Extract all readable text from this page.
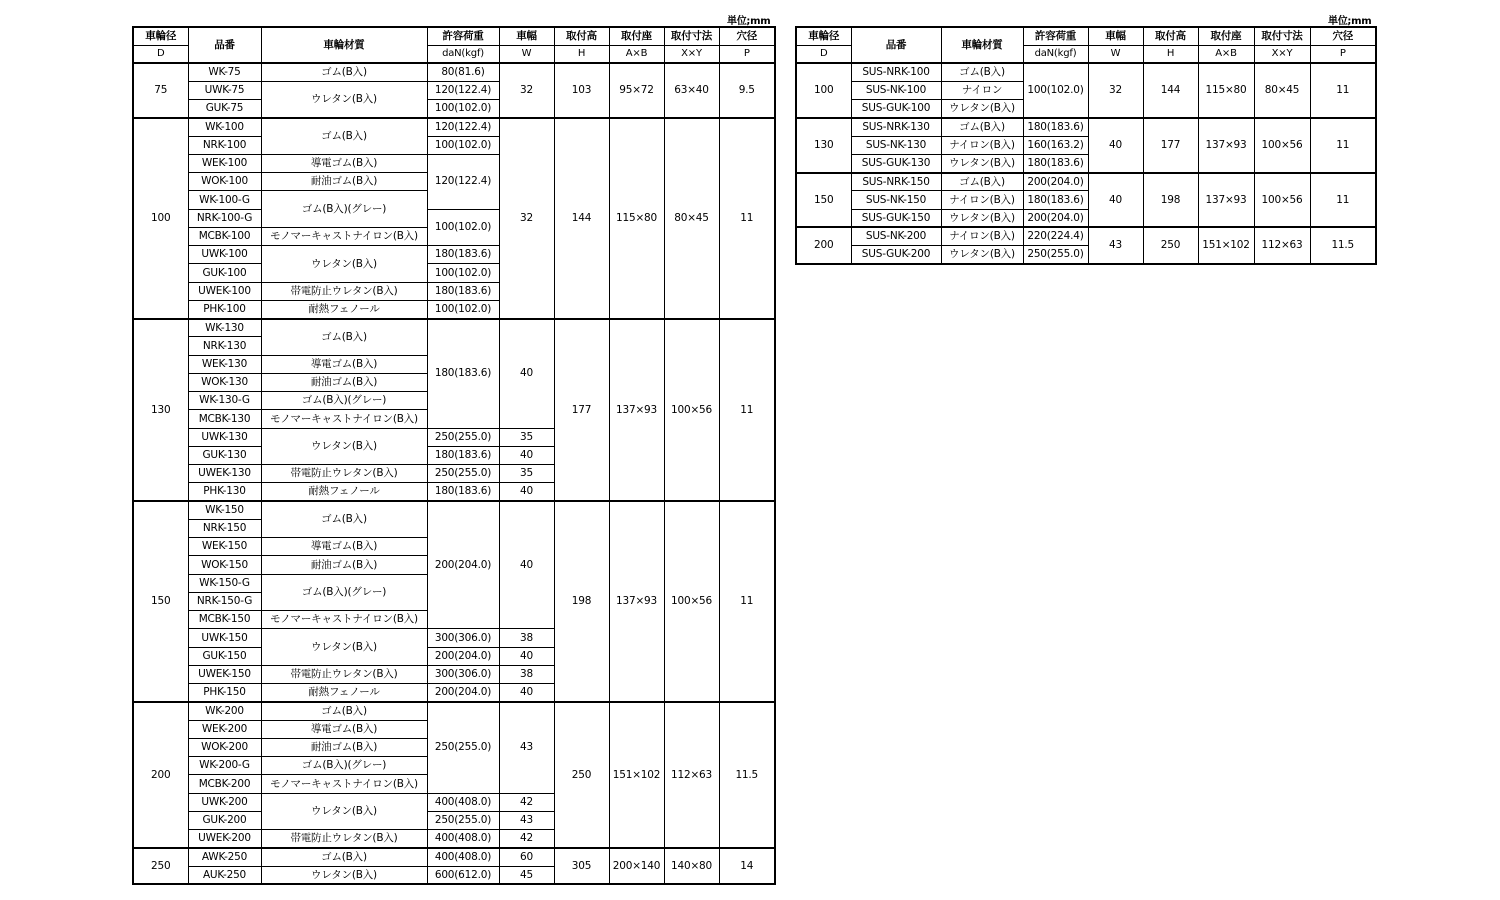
単位;mm
車輪径	品番	車輪材質	許容荷重	車幅	取付高	取付座	取付寸法	穴径
D			daN(kgf)	W	H	A×B	X×Y	P
75	WK-75	ゴム(B入)	80(81.6)	32	103	95×72	63×40	9.5
	UWK-75	ウレタン(B入)	120(122.4)					
	GUK-75		100(102.0)					
100	WK-100	ゴム(B入)	120(122.4)	32	144	115×80	80×45	11
	NRK-100		100(102.0)					
	WEK-100	導電ゴム(B入)	120(122.4)					
	WOK-100	耐油ゴム(B入)						
	WK-100-G	ゴム(B入)(グレー)						
	NRK-100-G		100(102.0)					
	MCBK-100	モノマーキャストナイロン(B入)						
	UWK-100	ウレタン(B入)	180(183.6)					
	GUK-100		100(102.0)					
	UWEK-100	帯電防止ウレタン(B入)	180(183.6)					
	PHK-100	耐熱フェノール	100(102.0)					
130	WK-130	ゴム(B入)	180(183.6)	40	177	137×93	100×56	11
	NRK-130							
	WEK-130	導電ゴム(B入)						
	WOK-130	耐油ゴム(B入)						
	WK-130-G	ゴム(B入)(グレー)						
	MCBK-130	モノマーキャストナイロン(B入)						
	UWK-130	ウレタン(B入)	250(255.0)	35				
	GUK-130		180(183.6)	40				
	UWEK-130	帯電防止ウレタン(B入)	250(255.0)	35				
	PHK-130	耐熱フェノール	180(183.6)	40				
150	WK-150	ゴム(B入)	200(204.0)	40	198	137×93	100×56	11
	NRK-150							
	WEK-150	導電ゴム(B入)						
	WOK-150	耐油ゴム(B入)						
	WK-150-G	ゴム(B入)(グレー)						
	NRK-150-G							
	MCBK-150	モノマーキャストナイロン(B入)						
	UWK-150	ウレタン(B入)	300(306.0)	38				
	GUK-150		200(204.0)	40				
	UWEK-150	帯電防止ウレタン(B入)	300(306.0)	38				
	PHK-150	耐熱フェノール	200(204.0)	40				
200	WK-200	ゴム(B入)	250(255.0)	43	250	151×102	112×63	11.5
	WEK-200	導電ゴム(B入)						
	WOK-200	耐油ゴム(B入)						
	WK-200-G	ゴム(B入)(グレー)						
	MCBK-200	モノマーキャストナイロン(B入)						
	UWK-200	ウレタン(B入)	400(408.0)	42				
	GUK-200		250(255.0)	43				
	UWEK-200	帯電防止ウレタン(B入)	400(408.0)	42				
250	AWK-250	ゴム(B入)	400(408.0)	60	305	200×140	140×80	14
	AUK-250	ウレタン(B入)	600(612.0)	45				
単位;mm
車輪径	品番	車輪材質	許容荷重	車幅	取付高	取付座	取付寸法	穴径
D			daN(kgf)	W	H	A×B	X×Y	P
100	SUS-NRK-100	ゴム(B入)	100(102.0)	32	144	115×80	80×45	11
	SUS-NK-100	ナイロン						
	SUS-GUK-100	ウレタン(B入)						
130	SUS-NRK-130	ゴム(B入)	180(183.6)	40	177	137×93	100×56	11
	SUS-NK-130	ナイロン(B入)	160(163.2)					
	SUS-GUK-130	ウレタン(B入)	180(183.6)					
150	SUS-NRK-150	ゴム(B入)	200(204.0)	40	198	137×93	100×56	11
	SUS-NK-150	ナイロン(B入)	180(183.6)					
	SUS-GUK-150	ウレタン(B入)	200(204.0)					
200	SUS-NK-200	ナイロン(B入)	220(224.4)	43	250	151×102	112×63	11.5
	SUS-GUK-200	ウレタン(B入)	250(255.0)					
